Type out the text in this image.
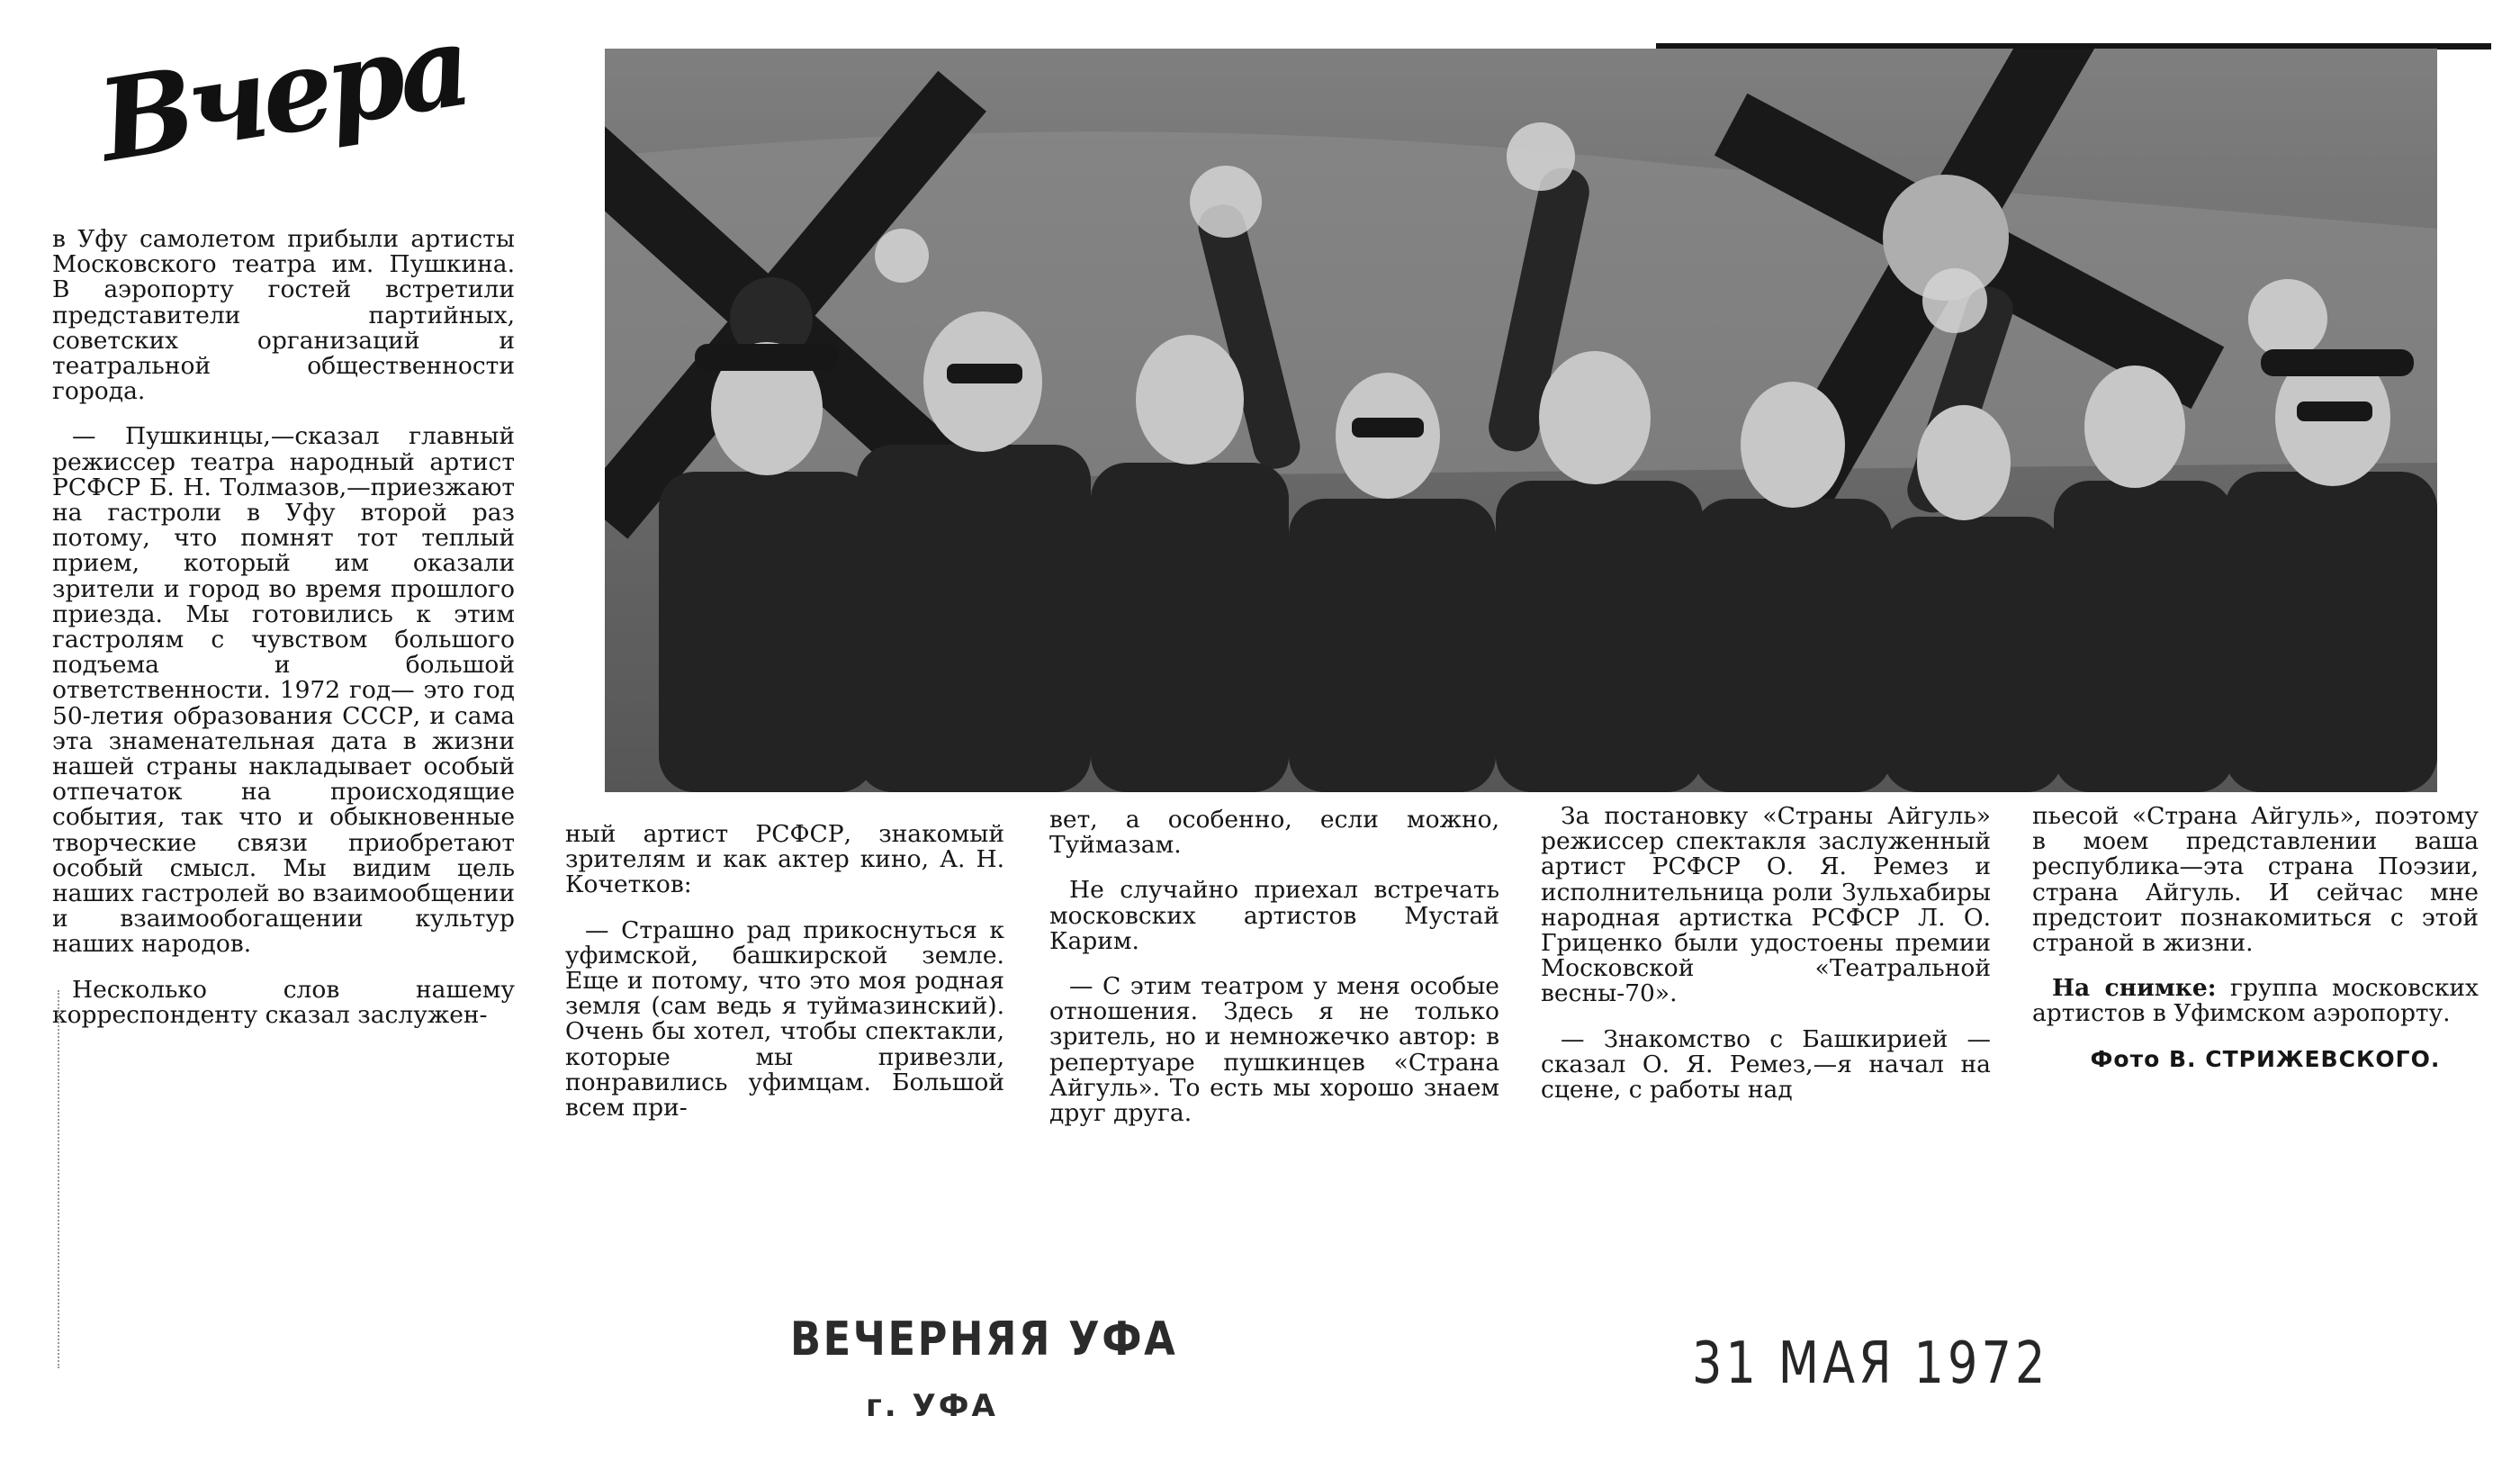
Вчера

в Уфу самолетом прибыли артисты Московского театра им. Пушкина. В аэропорту гостей встретили представители партийных, советских организаций и театральной общественности города.

— Пушкинцы,—сказал главный режиссер театра народный артист РСФСР Б. Н. Толмазов,—приезжают на гастроли в Уфу второй раз потому, что помнят тот теплый прием, который им оказали зрители и город во время прошлого приезда. Мы готовились к этим гастролям с чувством большого подъема и большой ответственности. 1972 год— это год 50-летия образования СССР, и сама эта знаменательная дата в жизни нашей страны накладывает особый отпечаток на происходящие события, так что и обыкновенные творческие связи приобретают особый смысл. Мы видим цель наших гастролей во взаимообщении и взаимообогащении культур наших народов.

Несколько слов нашему корреспонденту сказал заслужен-

ный артист РСФСР, знакомый зрителям и как актер кино, А. Н. Кочетков:

— Страшно рад прикоснуться к уфимской, башкирской земле. Еще и потому, что это моя родная земля (сам ведь я туймазинский). Очень бы хотел, чтобы спектакли, которые мы привезли, понравились уфимцам. Большой всем при-

вет, а особенно, если можно, Туймазам.

Не случайно приехал встречать московских артистов Мустай Карим.

— С этим театром у меня особые отношения. Здесь я не только зритель, но и немножечко автор: в репертуаре пушкинцев «Страна Айгуль». То есть мы хорошо знаем друг друга.

За постановку «Страны Айгуль» режиссер спектакля заслуженный артист РСФСР О. Я. Ремез и исполнительница роли Зульхабиры народная артистка РСФСР Л. О. Гриценко были удостоены премии Московской «Театральной весны-70».

— Знакомство с Башкирией —сказал О. Я. Ремез,—я начал на сцене, с работы над

пьесой «Страна Айгуль», поэтому в моем представлении ваша республика—эта страна Поэзии, страна Айгуль. И сейчас мне предстоит познакомиться с этой страной в жизни.

На снимке: группа московских артистов в Уфимском аэропорту.

Фото В. СТРИЖЕВСКОГО.

ВЕЧЕРНЯЯ УФА
г. УФА
31 МАЯ 1972
